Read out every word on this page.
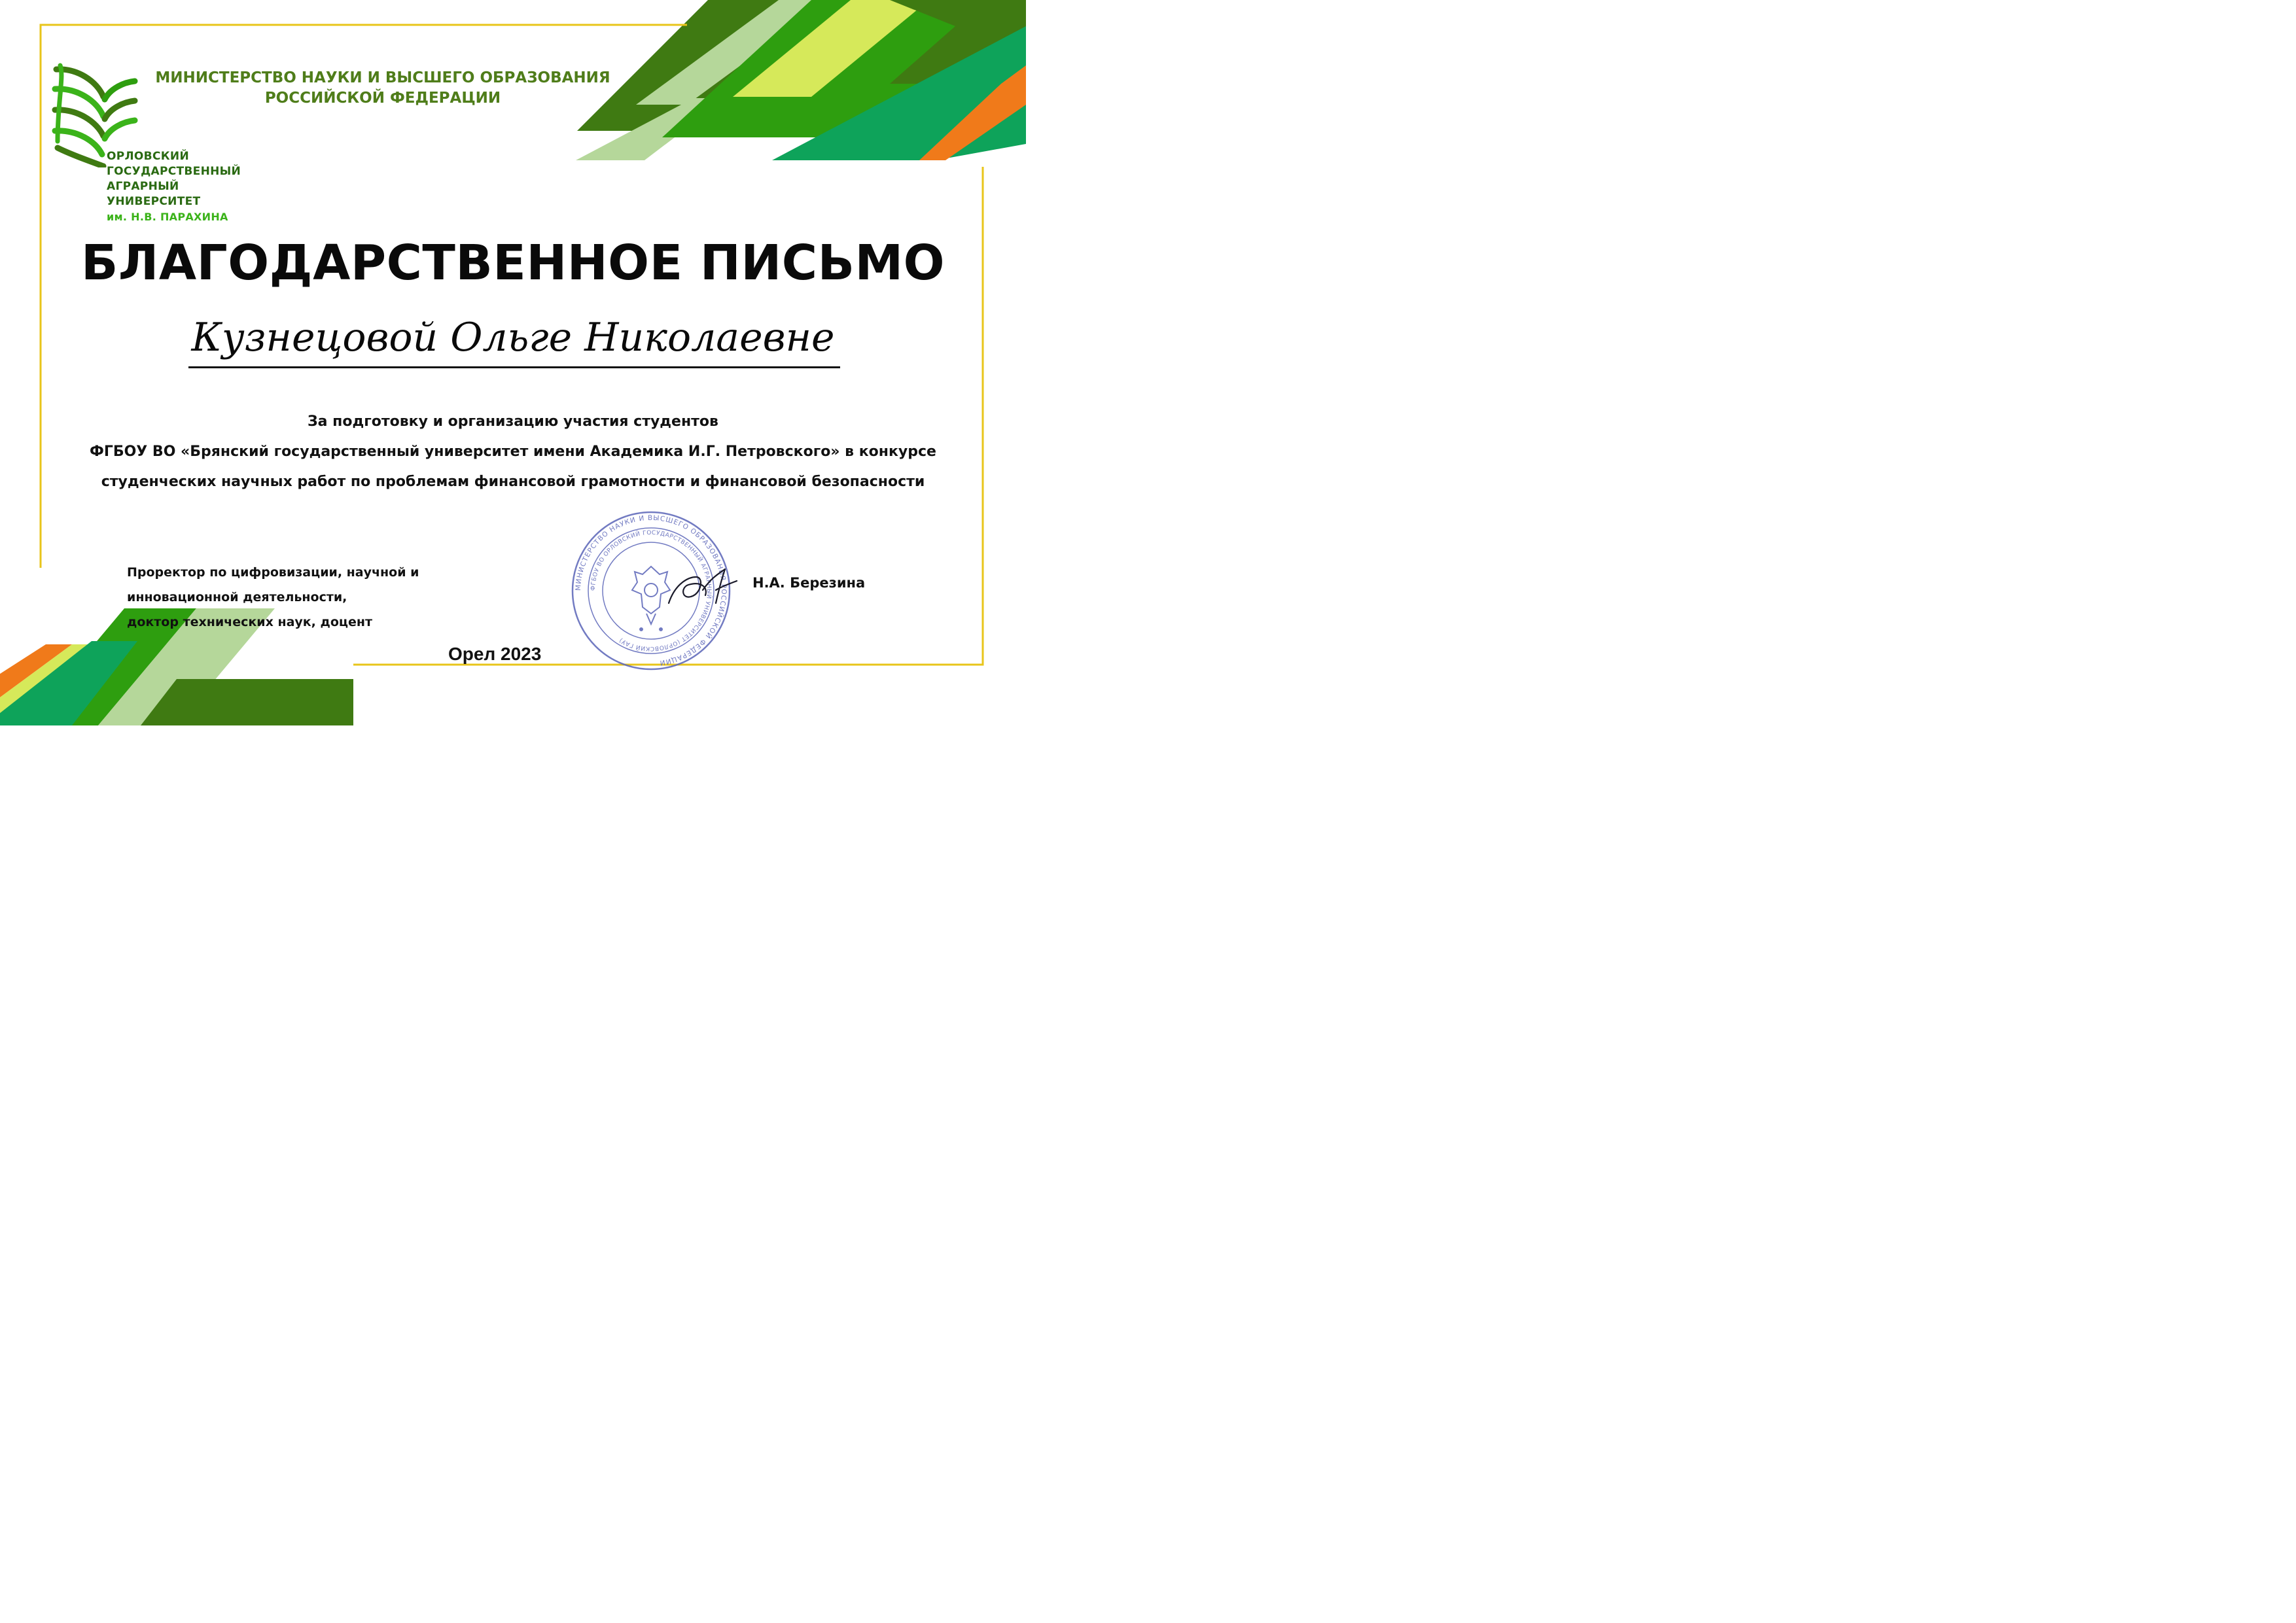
МИНИСТЕРСТВО НАУКИ И ВЫСШЕГО ОБРАЗОВАНИЯ
РОССИЙСКОЙ ФЕДЕРАЦИИ
ОРЛОВСКИЙ
ГОСУДАРСТВЕННЫЙ
АГРАРНЫЙ
УНИВЕРСИТЕТ
им. Н.В. ПАРАХИНА
БЛАГОДАРСТВЕННОЕ ПИСЬМО
Кузнецовой Ольге Николаевне
За подготовку и организацию участия студентов
ФГБОУ ВО «Брянский государственный университет имени Академика И.Г. Петровского» в конкурсе
студенческих научных работ по проблемам финансовой грамотности и финансовой безопасности
Проректор по цифровизации, научной и
инновационной деятельности,
доктор технических наук, доцент
МИНИСТЕРСТВО НАУКИ И ВЫСШЕГО ОБРАЗОВАНИЯ РОССИЙСКОЙ ФЕДЕРАЦИИ
ФГБОУ ВО ОРЛОВСКИЙ ГОСУДАРСТВЕННЫЙ АГРАРНЫЙ УНИВЕРСИТЕТ (ОРЛОВСКИЙ ГАУ)
Н.А. Березина
Орел 2023
